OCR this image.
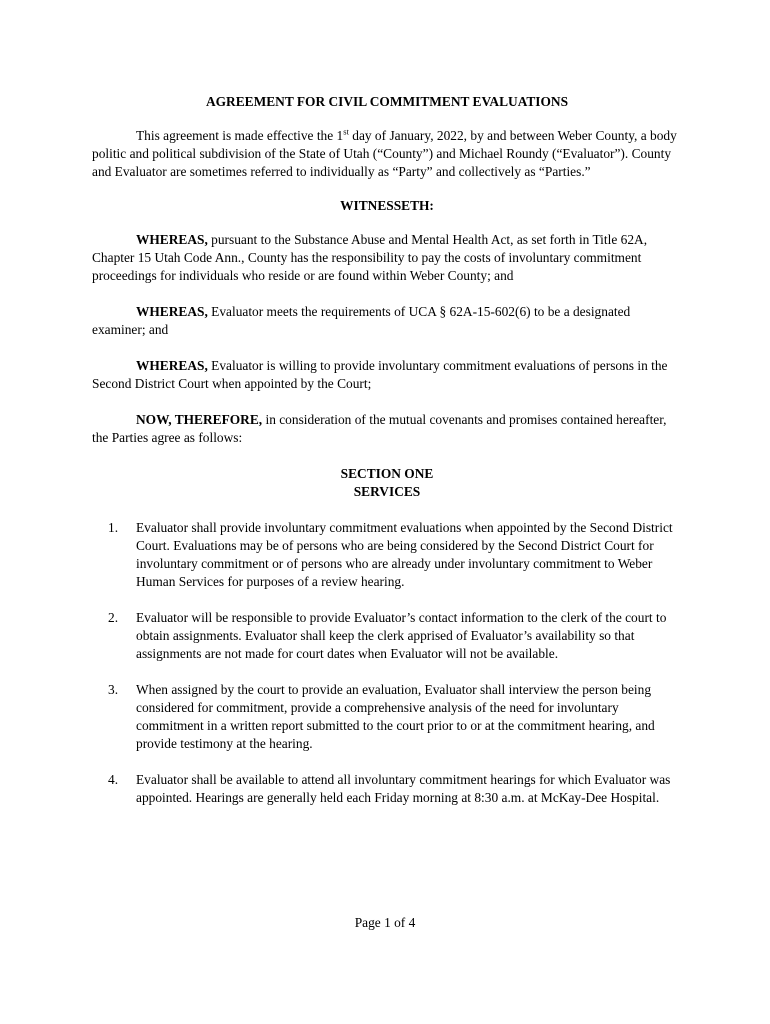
AGREEMENT FOR CIVIL COMMITMENT EVALUATIONS

This agreement is made effective the 1st day of January, 2022, by and between Weber County, a body politic and political subdivision of the State of Utah (“County”) and Michael Roundy (“Evaluator”). County and Evaluator are sometimes referred to individually as “Party” and collectively as “Parties.”

WITNESSETH:

WHEREAS, pursuant to the Substance Abuse and Mental Health Act, as set forth in Title 62A, Chapter 15 Utah Code Ann., County has the responsibility to pay the costs of involuntary commitment proceedings for individuals who reside or are found within Weber County; and

WHEREAS, Evaluator meets the requirements of UCA § 62A-15-602(6) to be a designated examiner; and

WHEREAS, Evaluator is willing to provide involuntary commitment evaluations of persons in the Second District Court when appointed by the Court;

NOW, THEREFORE, in consideration of the mutual covenants and promises contained hereafter, the Parties agree as follows:

SECTION ONE

SERVICES

1.	Evaluator shall provide involuntary commitment evaluations when appointed by the Second District Court. Evaluations may be of persons who are being considered by the Second District Court for involuntary commitment or of persons who are already under involuntary commitment to Weber Human Services for purposes of a review hearing.
2.	Evaluator will be responsible to provide Evaluator’s contact information to the clerk of the court to obtain assignments. Evaluator shall keep the clerk apprised of Evaluator’s availability so that assignments are not made for court dates when Evaluator will not be available.
3.	When assigned by the court to provide an evaluation, Evaluator shall interview the person being considered for commitment, provide a comprehensive analysis of the need for involuntary commitment in a written report submitted to the court prior to or at the commitment hearing, and provide testimony at the hearing.
4.	Evaluator shall be available to attend all involuntary commitment hearings for which Evaluator was appointed. Hearings are generally held each Friday morning at 8:30 a.m. at McKay-Dee Hospital.
Page 1 of 4
